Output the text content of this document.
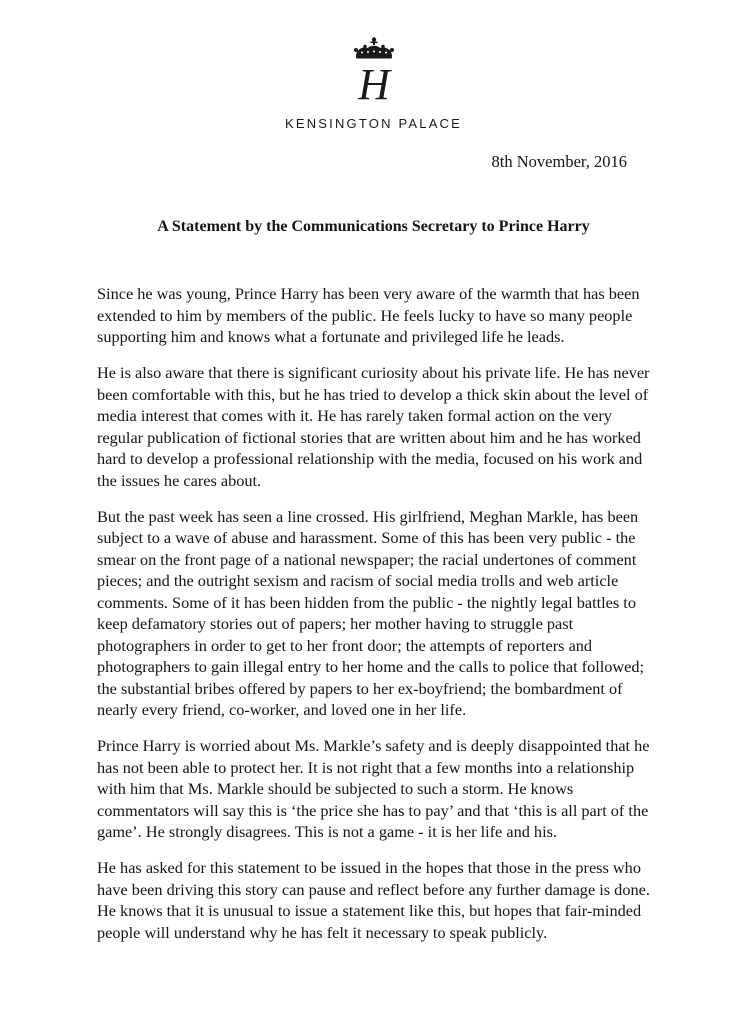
H
KENSINGTON PALACE
8th November, 2016
A Statement by the Communications Secretary to Prince Harry

Since he was young, Prince Harry has been very aware of the warmth that has been extended to him by members of the public. He feels lucky to have so many people supporting him and knows what a fortunate and privileged life he leads.

He is also aware that there is significant curiosity about his private life. He has never been comfortable with this, but he has tried to develop a thick skin about the level of media interest that comes with it. He has rarely taken formal action on the very regular publication of fictional stories that are written about him and he has worked hard to develop a professional relationship with the media, focused on his work and the issues he cares about.

But the past week has seen a line crossed. His girlfriend, Meghan Markle, has been subject to a wave of abuse and harassment. Some of this has been very public - the smear on the front page of a national newspaper; the racial undertones of comment pieces; and the outright sexism and racism of social media trolls and web article comments. Some of it has been hidden from the public - the nightly legal battles to keep defamatory stories out of papers; her mother having to struggle past photographers in order to get to her front door; the attempts of reporters and photographers to gain illegal entry to her home and the calls to police that followed; the substantial bribes offered by papers to her ex-boyfriend; the bombardment of nearly every friend, co-worker, and loved one in her life.

Prince Harry is worried about Ms. Markle’s safety and is deeply disappointed that he has not been able to protect her. It is not right that a few months into a relationship with him that Ms. Markle should be subjected to such a storm. He knows commentators will say this is ‘the price she has to pay’ and that ‘this is all part of the game’. He strongly disagrees. This is not a game - it is her life and his.

He has asked for this statement to be issued in the hopes that those in the press who have been driving this story can pause and reflect before any further damage is done. He knows that it is unusual to issue a statement like this, but hopes that fair-minded people will understand why he has felt it necessary to speak publicly.
